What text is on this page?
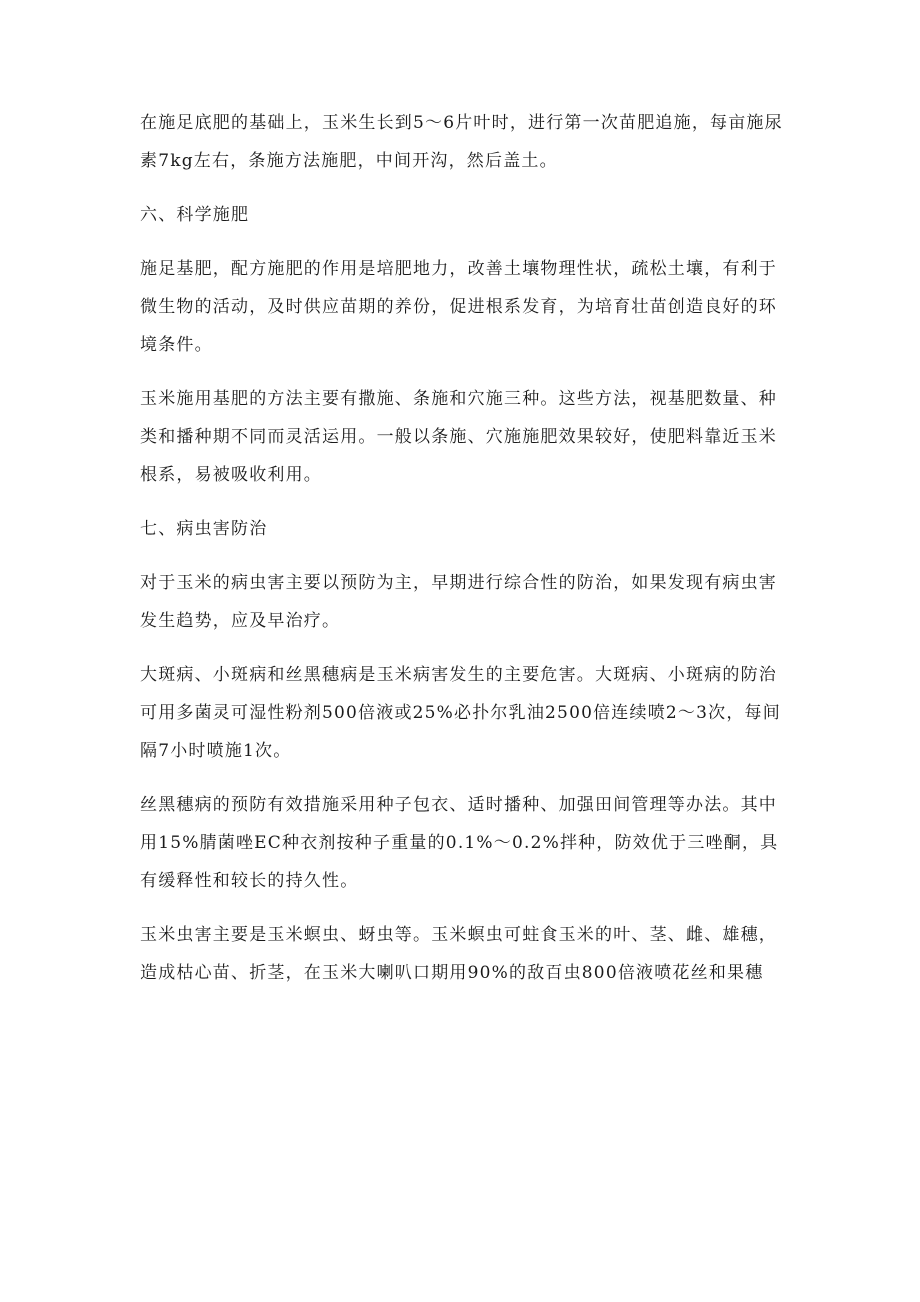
在施足底肥的基础上，玉米生长到5～6片叶时，进行第一次苗肥追施，每亩施尿素7kg左右，条施方法施肥，中间开沟，然后盖土。

六、科学施肥

施足基肥，配方施肥的作用是培肥地力，改善土壤物理性状，疏松土壤，有利于微生物的活动，及时供应苗期的养份，促进根系发育，为培育壮苗创造良好的环境条件。

玉米施用基肥的方法主要有撒施、条施和穴施三种。这些方法，视基肥数量、种类和播种期不同而灵活运用。一般以条施、穴施施肥效果较好，使肥料靠近玉米根系，易被吸收利用。

七、病虫害防治

对于玉米的病虫害主要以预防为主，早期进行综合性的防治，如果发现有病虫害发生趋势，应及早治疗。

大斑病、小斑病和丝黑穗病是玉米病害发生的主要危害。大斑病、小斑病的防治可用多菌灵可湿性粉剂500倍液或25%必扑尔乳油2500倍连续喷2～3次，每间隔7小时喷施1次。

丝黑穗病的预防有效措施采用种子包衣、适时播种、加强田间管理等办法。其中用15%腈菌唑EC种衣剂按种子重量的0.1%～0.2%拌种，防效优于三唑酮，具有缓释性和较长的持久性。

玉米虫害主要是玉米螟虫、蚜虫等。玉米螟虫可蛀食玉米的叶、茎、雌、雄穗，造成枯心苗、折茎，在玉米大喇叭口期用90%的敌百虫800倍液喷花丝和果穗
